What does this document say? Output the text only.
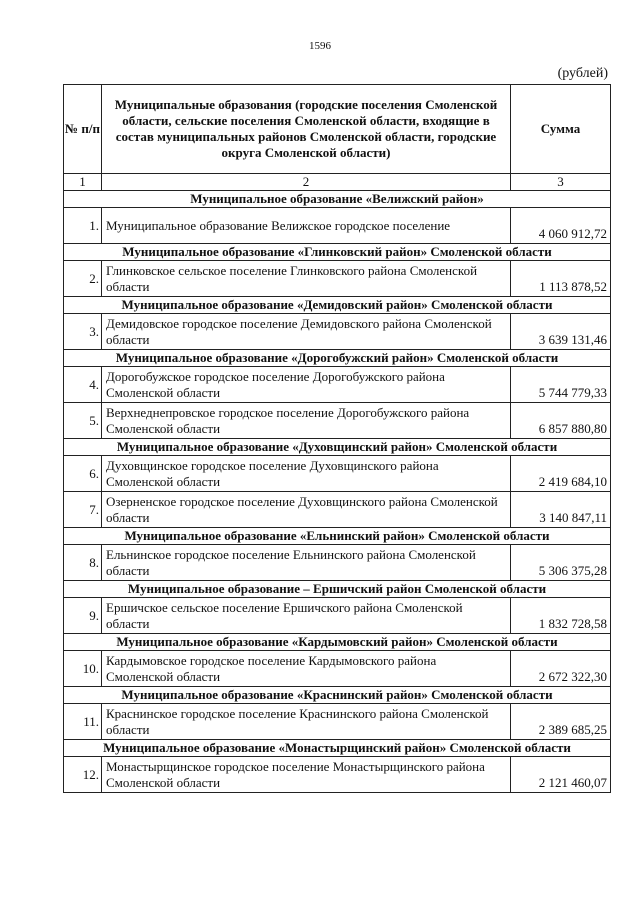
1596
(рублей)
№ п/п	Муниципальные образования (городские поселения Смоленской области, сельские поселения Смоленской области, входящие в состав муниципальных районов Смоленской области, городские округа Смоленской области)	Сумма
1	2	3
Муниципальное образование «Велижский район»		
1.	Муниципальное образование Велижское городское поселение	4 060 912,72
Муниципальное образование «Глинковский район» Смоленской области		
2.	Глинковское сельское поселение Глинковского района Смоленской области	1 113 878,52
Муниципальное образование «Демидовский район» Смоленской области		
3.	Демидовское городское поселение Демидовского района Смоленской области	3 639 131,46
Муниципальное образование «Дорогобужский район» Смоленской области		
4.	Дорогобужское городское поселение Дорогобужского района Смоленской области	5 744 779,33
5.	Верхнеднепровское городское поселение Дорогобужского района Смоленской области	6 857 880,80
Муниципальное образование «Духовщинский район» Смоленской области		
6.	Духовщинское городское поселение Духовщинского района Смоленской области	2 419 684,10
7.	Озерненское городское поселение Духовщинского района Смоленской области	3 140 847,11
Муниципальное образование «Ельнинский район» Смоленской области		
8.	Ельнинское городское поселение Ельнинского района Смоленской области	5 306 375,28
Муниципальное образование – Ершичский район Смоленской области		
9.	Ершичское сельское поселение Ершичского района Смоленской области	1 832 728,58
Муниципальное образование «Кардымовский район» Смоленской области		
10.	Кардымовское городское поселение Кардымовского района Смоленской области	2 672 322,30
Муниципальное образование «Краснинский район» Смоленской области		
11.	Краснинское городское поселение Краснинского района Смоленской области	2 389 685,25
Муниципальное образование «Монастырщинский район» Смоленской области		
12.	Монастырщинское городское поселение Монастырщинского района Смоленской области	2 121 460,07
